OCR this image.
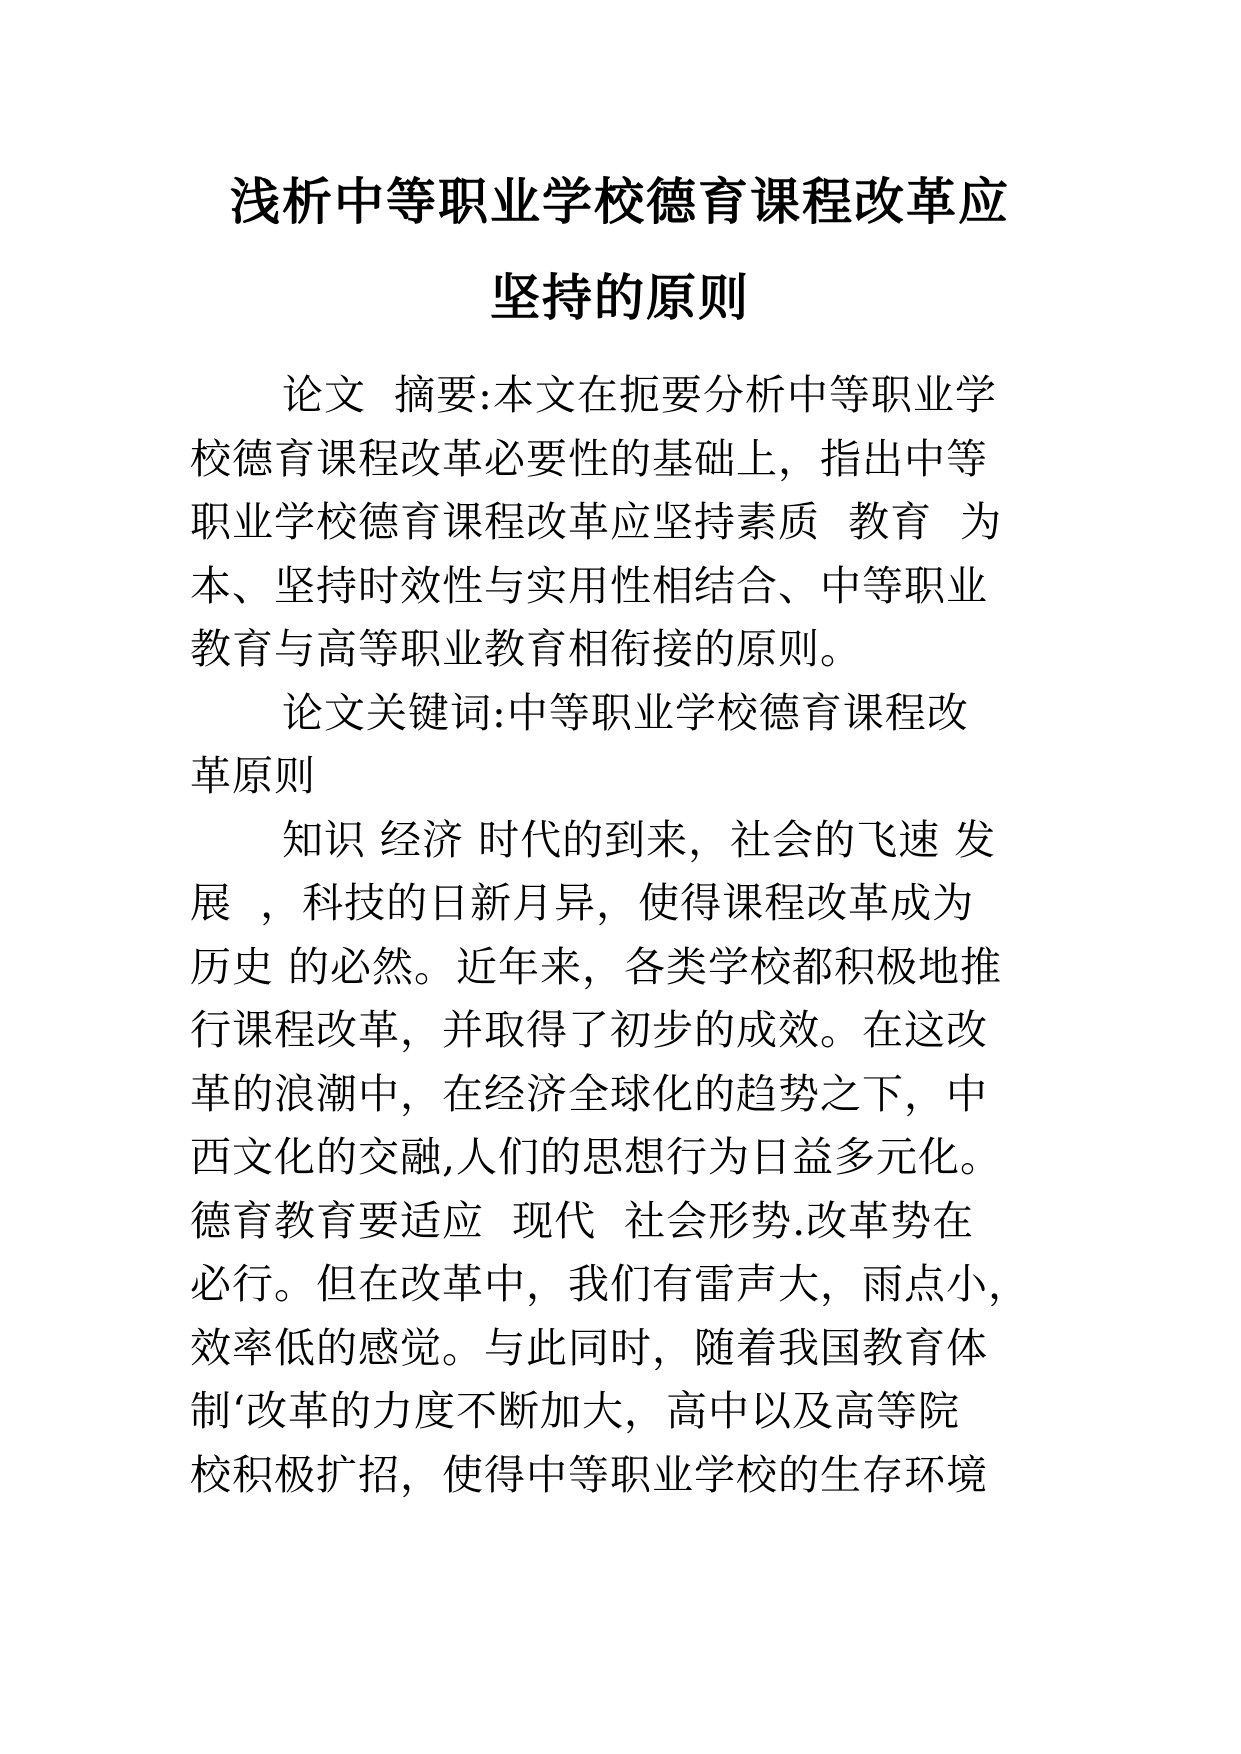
浅析中等职业学校德育课程改革应
坚持的原则
论文  摘要:本文在扼要分析中等职业学
校德育课程改革必要性的基础上，指出中等
职业学校德育课程改革应坚持素质  教育  为
本、坚持时效性与实用性相结合、中等职业
教育与高等职业教育相衔接的原则。
论文关键词:中等职业学校德育课程改
革原则
知识 经济 时代的到来，社会的飞速 发
展  ，科技的日新月异，使得课程改革成为
历史 的必然。近年来，各类学校都积极地推
行课程改革，并取得了初步的成效。在这改
革的浪潮中，在经济全球化的趋势之下，中
西文化的交融,人们的思想行为日益多元化。
德育教育要适应  现代  社会形势.改革势在
必行。但在改革中，我们有雷声大，雨点小，
效率低的感觉。与此同时，随着我国教育体
制‘改革的力度不断加大，高中以及高等院
校积极扩招，使得中等职业学校的生存环境
